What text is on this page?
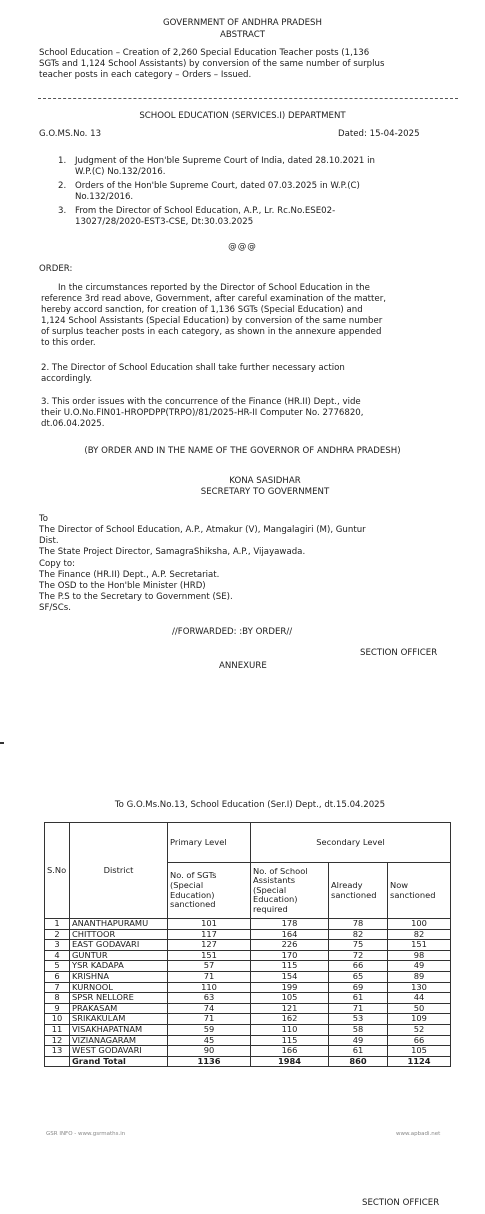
GOVERNMENT OF ANDHRA PRADESH
ABSTRACT
School Education – Creation of 2,260 Special Education Teacher posts (1,136
SGTs and 1,124 School Assistants) by conversion of the same number of surplus
teacher posts in each category – Orders – Issued.
SCHOOL EDUCATION (SERVICES.I) DEPARTMENT
G.O.MS.No. 13	Dated: 15-04-2025
1. Judgment of the Hon'ble Supreme Court of India, dated 28.10.2021 in
W.P.(C) No.132/2016.
2. Orders of the Hon'ble Supreme Court, dated 07.03.2025 in W.P.(C)
No.132/2016.
3. From the Director of School Education, A.P., Lr. Rc.No.ESE02-
13027/28/2020-EST3-CSE, Dt:30.03.2025
@@@
ORDER:
In the circumstances reported by the Director of School Education in the
reference 3rd read above, Government, after careful examination of the matter,
hereby accord sanction, for creation of 1,136 SGTs (Special Education) and
1,124 School Assistants (Special Education) by conversion of the same number
of surplus teacher posts in each category, as shown in the annexure appended
to this order.
2. The Director of School Education shall take further necessary action
accordingly.
3. This order issues with the concurrence of the Finance (HR.II) Dept., vide
their U.O.No.FIN01-HROPDPP(TRPO)/81/2025-HR-II Computer No. 2776820,
dt.06.04.2025.
(BY ORDER AND IN THE NAME OF THE GOVERNOR OF ANDHRA PRADESH)
KONA SASIDHAR
SECRETARY TO GOVERNMENT
To
The Director of School Education, A.P., Atmakur (V), Mangalagiri (M), Guntur
Dist.
The State Project Director, SamagraShiksha, A.P., Vijayawada.
Copy to:
The Finance (HR.II) Dept., A.P. Secretariat.
The OSD to the Hon'ble Minister (HRD)
The P.S to the Secretary to Government (SE).
SF/SCs.
//FORWARDED: :BY ORDER//
SECTION OFFICER
ANNEXURE
To G.O.Ms.No.13, School Education (Ser.I) Dept., dt.15.04.2025
S.No	District	Primary Level	Secondary Level		
		No. of SGTs (Special Education) sanctioned	No. of School Assistants (Special Education) required	Already sanctioned	Now sanctioned
1	ANANTHAPURAMU	101	178	78	100
2	CHITTOOR	117	164	82	82
3	EAST GODAVARI	127	226	75	151
4	GUNTUR	151	170	72	98
5	YSR KADAPA	57	115	66	49
6	KRISHNA	71	154	65	89
7	KURNOOL	110	199	69	130
8	SPSR NELLORE	63	105	61	44
9	PRAKASAM	74	121	71	50
10	SRIKAKULAM	71	162	53	109
11	VISAKHAPATNAM	59	110	58	52
12	VIZIANAGARAM	45	115	49	66
13	WEST GODAVARI	90	166	61	105
	Grand Total	1136	1984	860	1124
GSR INFO - www.gsrmaths.in	www.apbadi.net
SECTION OFFICER
